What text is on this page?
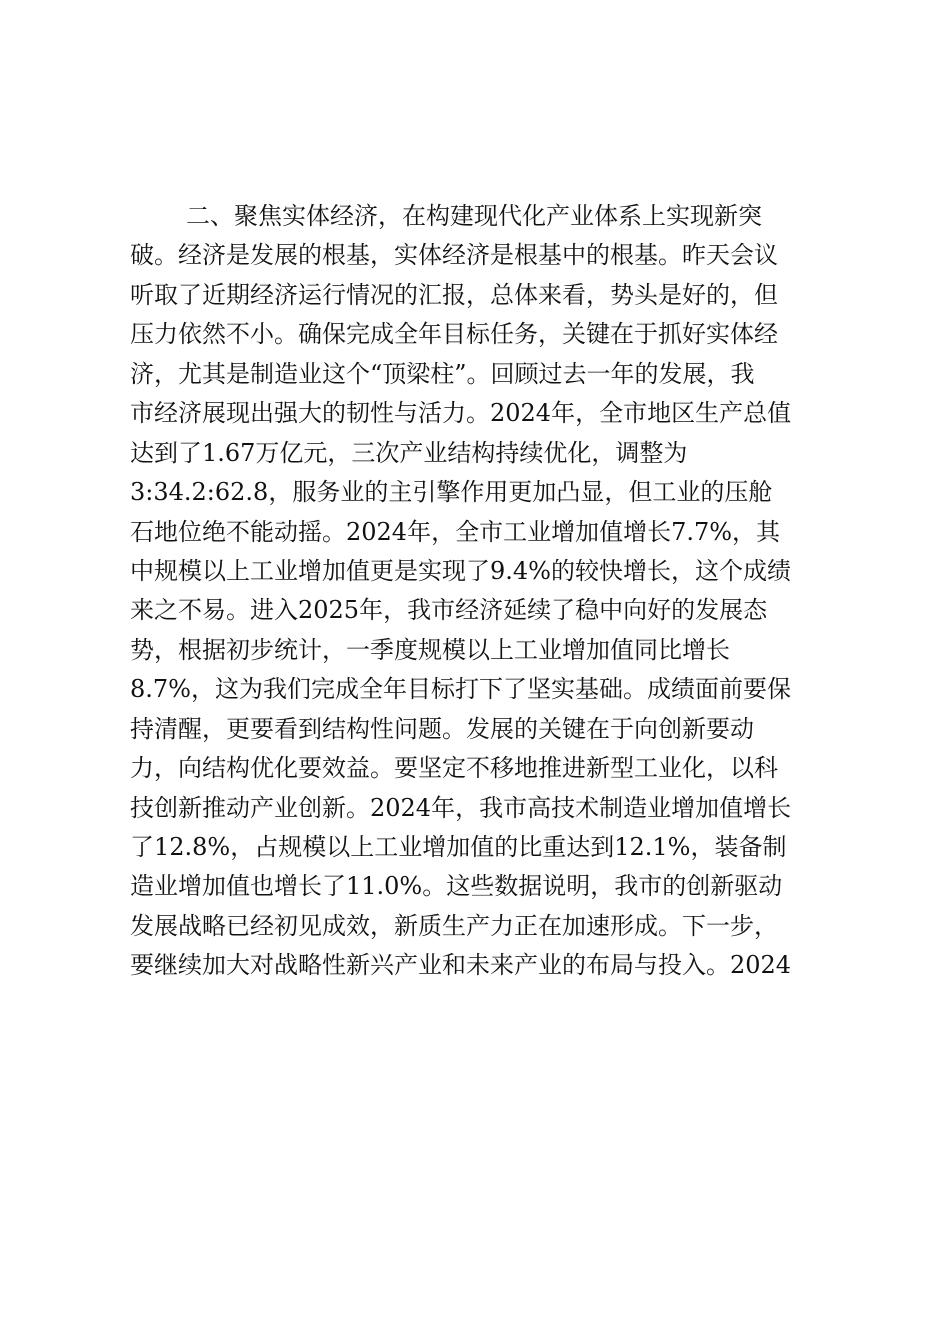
二、聚焦实体经济，在构建现代化产业体系上实现新突
破。经济是发展的根基，实体经济是根基中的根基。昨天会议
听取了近期经济运行情况的汇报，总体来看，势头是好的，但
压力依然不小。确保完成全年目标任务，关键在于抓好实体经
济，尤其是制造业这个“顶梁柱”。回顾过去一年的发展，我
市经济展现出强大的韧性与活力。2024年，全市地区生产总值
达到了1.67万亿元，三次产业结构持续优化，调整为
3:34.2:62.8，服务业的主引擎作用更加凸显，但工业的压舱
石地位绝不能动摇。2024年，全市工业增加值增长7.7%，其
中规模以上工业增加值更是实现了9.4%的较快增长，这个成绩
来之不易。进入2025年，我市经济延续了稳中向好的发展态
势，根据初步统计，一季度规模以上工业增加值同比增长
8.7%，这为我们完成全年目标打下了坚实基础。成绩面前要保
持清醒，更要看到结构性问题。发展的关键在于向创新要动
力，向结构优化要效益。要坚定不移地推进新型工业化，以科
技创新推动产业创新。2024年，我市高技术制造业增加值增长
了12.8%，占规模以上工业增加值的比重达到12.1%，装备制
造业增加值也增长了11.0%。这些数据说明，我市的创新驱动
发展战略已经初见成效，新质生产力正在加速形成。下一步，
要继续加大对战略性新兴产业和未来产业的布局与投入。2024
